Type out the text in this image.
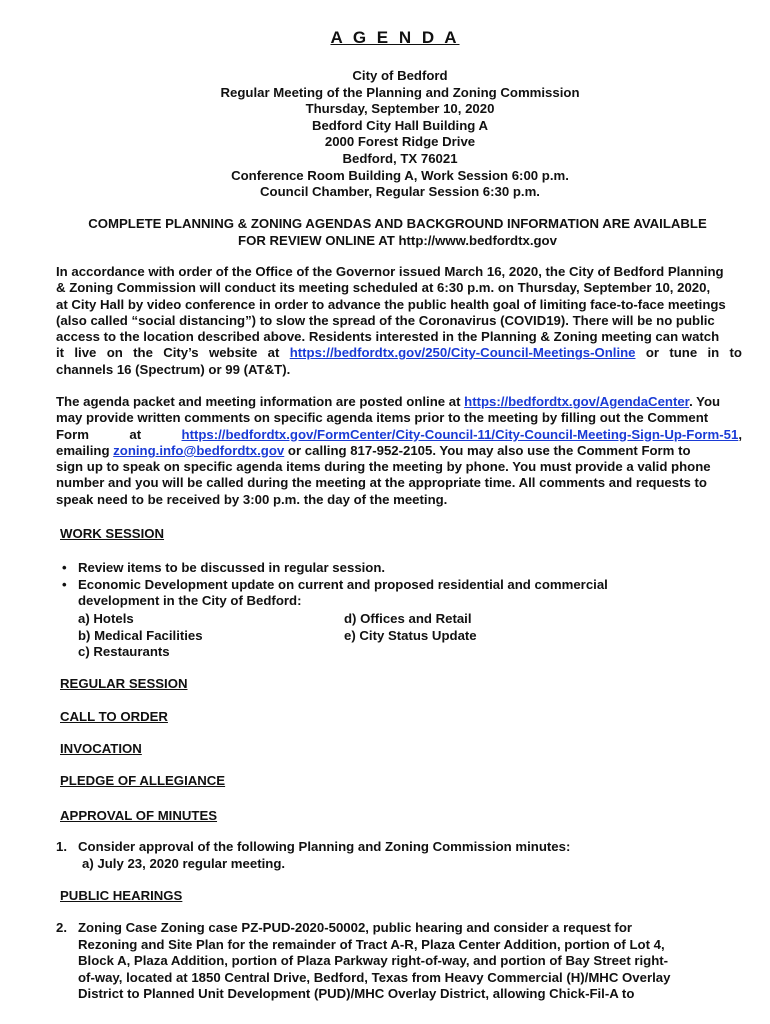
A G E N D A
City of Bedford
Regular Meeting of the Planning and Zoning Commission
Thursday, September 10, 2020
Bedford City Hall Building A
2000 Forest Ridge Drive
Bedford, TX 76021
Conference Room Building A, Work Session 6:00 p.m.
Council Chamber, Regular Session 6:30 p.m.
COMPLETE PLANNING & ZONING AGENDAS AND BACKGROUND INFORMATION ARE AVAILABLE
FOR REVIEW ONLINE AT http://www.bedfordtx.gov
In accordance with order of the Office of the Governor issued March 16, 2020, the City of Bedford Planning
& Zoning Commission will conduct its meeting scheduled at 6:30 p.m. on Thursday, September 10, 2020,
at City Hall by video conference in order to advance the public health goal of limiting face-to-face meetings
(also called “social distancing”) to slow the spread of the Coronavirus (COVID19). There will be no public
access to the location described above. Residents interested in the Planning & Zoning meeting can watch
it live on the City’s website at https://bedfordtx.gov/250/City-Council-Meetings-Online or tune in to
channels 16 (Spectrum) or 99 (AT&T).
The agenda packet and meeting information are posted online at https://bedfordtx.gov/AgendaCenter. You
may provide written comments on specific agenda items prior to the meeting by filling out the Comment
Form	at	https://bedfordtx.gov/FormCenter/City-Council-11/City-Council-Meeting-Sign-Up-Form-51,
emailing zoning.info@bedfordtx.gov or calling 817-952-2105. You may also use the Comment Form to
sign up to speak on specific agenda items during the meeting by phone. You must provide a valid phone
number and you will be called during the meeting at the appropriate time. All comments and requests to
speak need to be received by 3:00 p.m. the day of the meeting.
WORK SESSION
• Review items to be discussed in regular session.
• Economic Development update on current and proposed residential and commercial
development in the City of Bedford:
a) Hotels
b) Medical Facilities
c) Restaurants
d) Offices and Retail
e) City Status Update
REGULAR SESSION
CALL TO ORDER
INVOCATION
PLEDGE OF ALLEGIANCE
APPROVAL OF MINUTES
1. Consider approval of the following Planning and Zoning Commission minutes:
a) July 23, 2020 regular meeting.
PUBLIC HEARINGS
2. Zoning Case Zoning case PZ-PUD-2020-50002, public hearing and consider a request for
Rezoning and Site Plan for the remainder of Tract A-R, Plaza Center Addition, portion of Lot 4,
Block A, Plaza Addition, portion of Plaza Parkway right-of-way, and portion of Bay Street right-
of-way, located at 1850 Central Drive, Bedford, Texas from Heavy Commercial (H)/MHC Overlay
District to Planned Unit Development (PUD)/MHC Overlay District, allowing Chick-Fil-A to
